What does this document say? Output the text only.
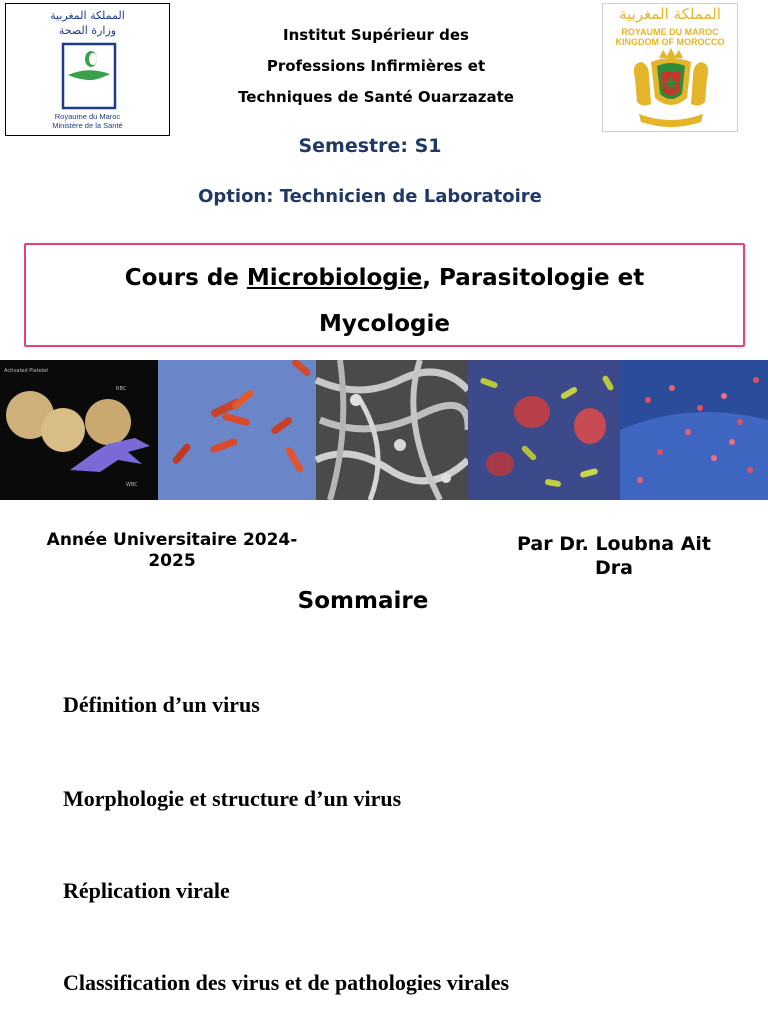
المملكة المغربية
وزارة الصحة
Royaume du Maroc
Ministère de la Santé
Institut Supérieur des
Professions Infirmières et
Techniques de Santé Ouarzazate
المملكة المغربية
ROYAUME DU MAROC
KINGDOM OF MOROCCO
Semestre: S1
Option: Technicien de Laboratoire
Cours de Microbiologie, Parasitologie et
Mycologie
Activated Platelet
RBC
WBC
Année Universitaire 2024-
2025
Par Dr. Loubna Ait
Dra
Sommaire
Définition d’un virus
Morphologie et structure d’un virus
Réplication virale
Classification des virus et de pathologies virales
